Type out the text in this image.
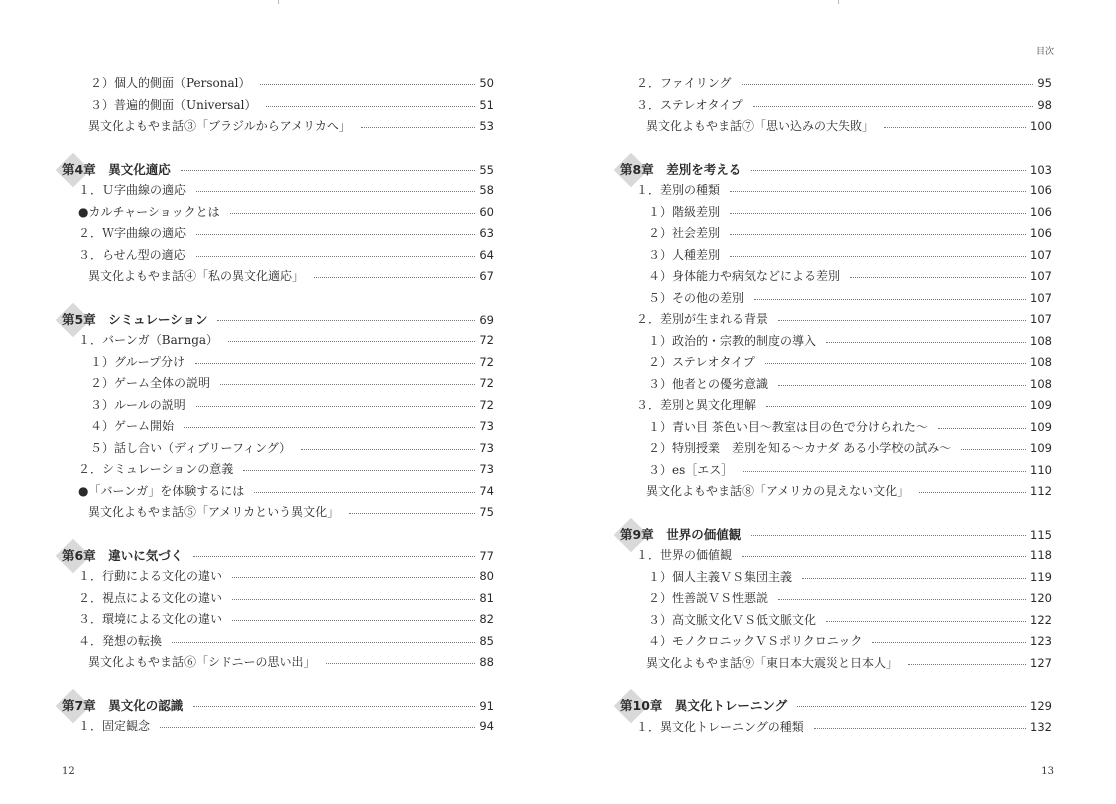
２）個人的側面（Personal）	50
３）普遍的側面（Universal）	51
異文化よもやま話③「ブラジルからアメリカへ」	53
第4章　異文化適応	55
１．Ｕ字曲線の適応	58
●カルチャーショックとは	60
２．Ｗ字曲線の適応	63
３．らせん型の適応	64
異文化よもやま話④「私の異文化適応」	67
第5章　シミュレーション	69
１．バーンガ（Barnga）	72
１）グループ分け	72
２）ゲーム全体の説明	72
３）ルールの説明	72
４）ゲーム開始	73
５）話し合い（ディブリーフィング）	73
２．シミュレーションの意義	73
●「バーンガ」を体験するには	74
異文化よもやま話⑤「アメリカという異文化」	75
第6章　違いに気づく	77
１．行動による文化の違い	80
２．視点による文化の違い	81
３．環境による文化の違い	82
４．発想の転換	85
異文化よもやま話⑥「シドニーの思い出」	88
第7章　異文化の認識	91
１．固定観念	94
12
目次
２．ファイリング	95
３．ステレオタイプ	98
異文化よもやま話⑦「思い込みの大失敗」	100
第8章　差別を考える	103
１．差別の種類	106
１）階級差別	106
２）社会差別	106
３）人種差別	107
４）身体能力や病気などによる差別	107
５）その他の差別	107
２．差別が生まれる背景	107
１）政治的・宗教的制度の導入	108
２）ステレオタイプ	108
３）他者との優劣意識	108
３．差別と異文化理解	109
１）青い目 茶色い目～教室は目の色で分けられた～	109
２）特別授業　差別を知る～カナダ ある小学校の試み～	109
３）es［エス］	110
異文化よもやま話⑧「アメリカの見えない文化」	112
第9章　世界の価値観	115
１．世界の価値観	118
１）個人主義ＶＳ集団主義	119
２）性善説ＶＳ性悪説	120
３）高文脈文化ＶＳ低文脈文化	122
４）モノクロニックＶＳポリクロニック	123
異文化よもやま話⑨「東日本大震災と日本人」	127
第10章　異文化トレーニング	129
１．異文化トレーニングの種類	132
13
